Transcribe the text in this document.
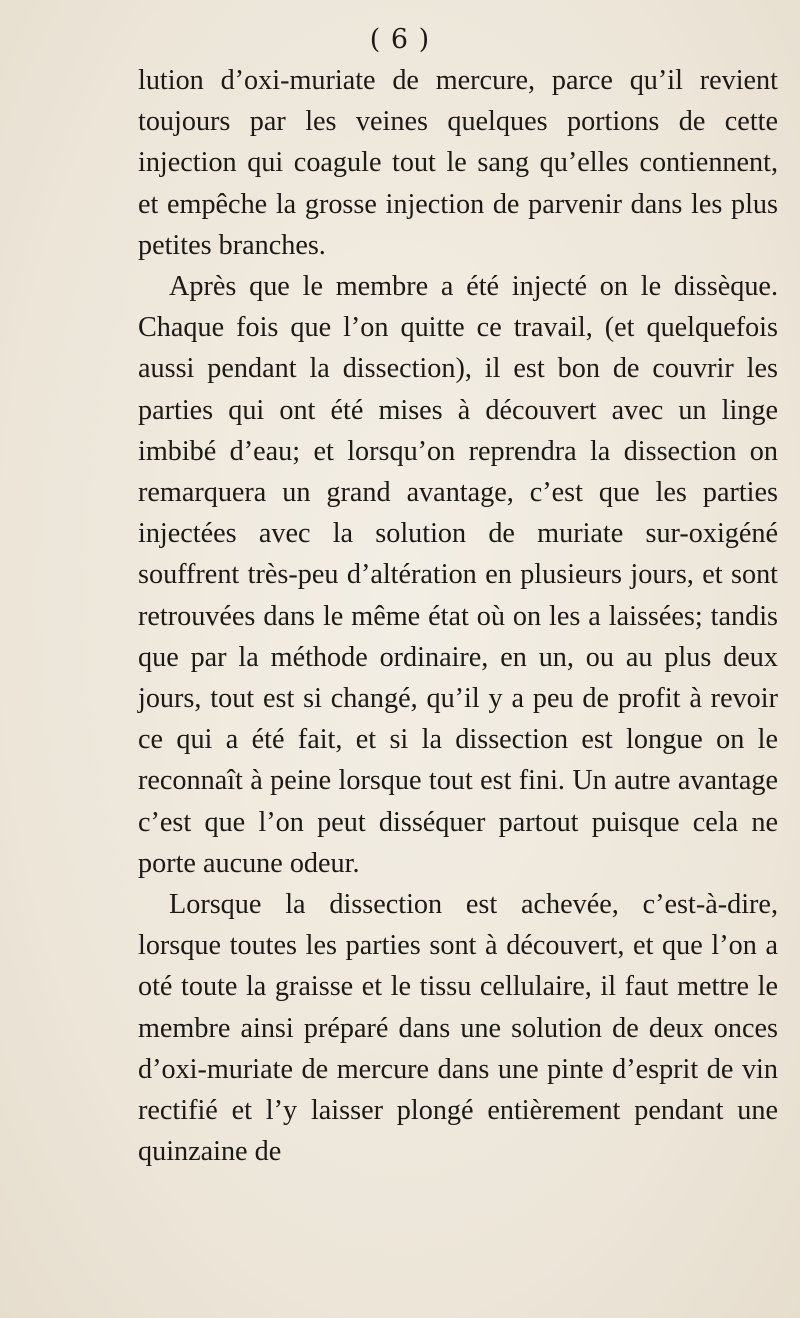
( 6 )

lution d’oxi-muriate de mercure, parce qu’il revient toujours par les veines quelques portions de cette injection qui coagule tout le sang qu’elles contiennent, et empêche la grosse injection de parvenir dans les plus petites branches.

Après que le membre a été injecté on le dissèque. Chaque fois que l’on quitte ce travail, (et quelquefois aussi pendant la dissection), il est bon de couvrir les parties qui ont été mises à découvert avec un linge imbibé d’eau; et lorsqu’on reprendra la dissection on remarquera un grand avantage, c’est que les parties injectées avec la solution de muriate sur-oxigéné souffrent très-peu d’altération en plusieurs jours, et sont retrouvées dans le même état où on les a laissées; tandis que par la méthode ordinaire, en un, ou au plus deux jours, tout est si changé, qu’il y a peu de profit à revoir ce qui a été fait, et si la dissection est longue on le reconnaît à peine lorsque tout est fini. Un autre avantage c’est que l’on peut disséquer partout puisque cela ne porte aucune odeur.

Lorsque la dissection est achevée, c’est-à-dire, lorsque toutes les parties sont à découvert, et que l’on a oté toute la graisse et le tissu cellulaire, il faut mettre le membre ainsi préparé dans une solution de deux onces d’oxi-muriate de mercure dans une pinte d’esprit de vin rectifié et l’y laisser plongé entièrement pendant une quinzaine de
